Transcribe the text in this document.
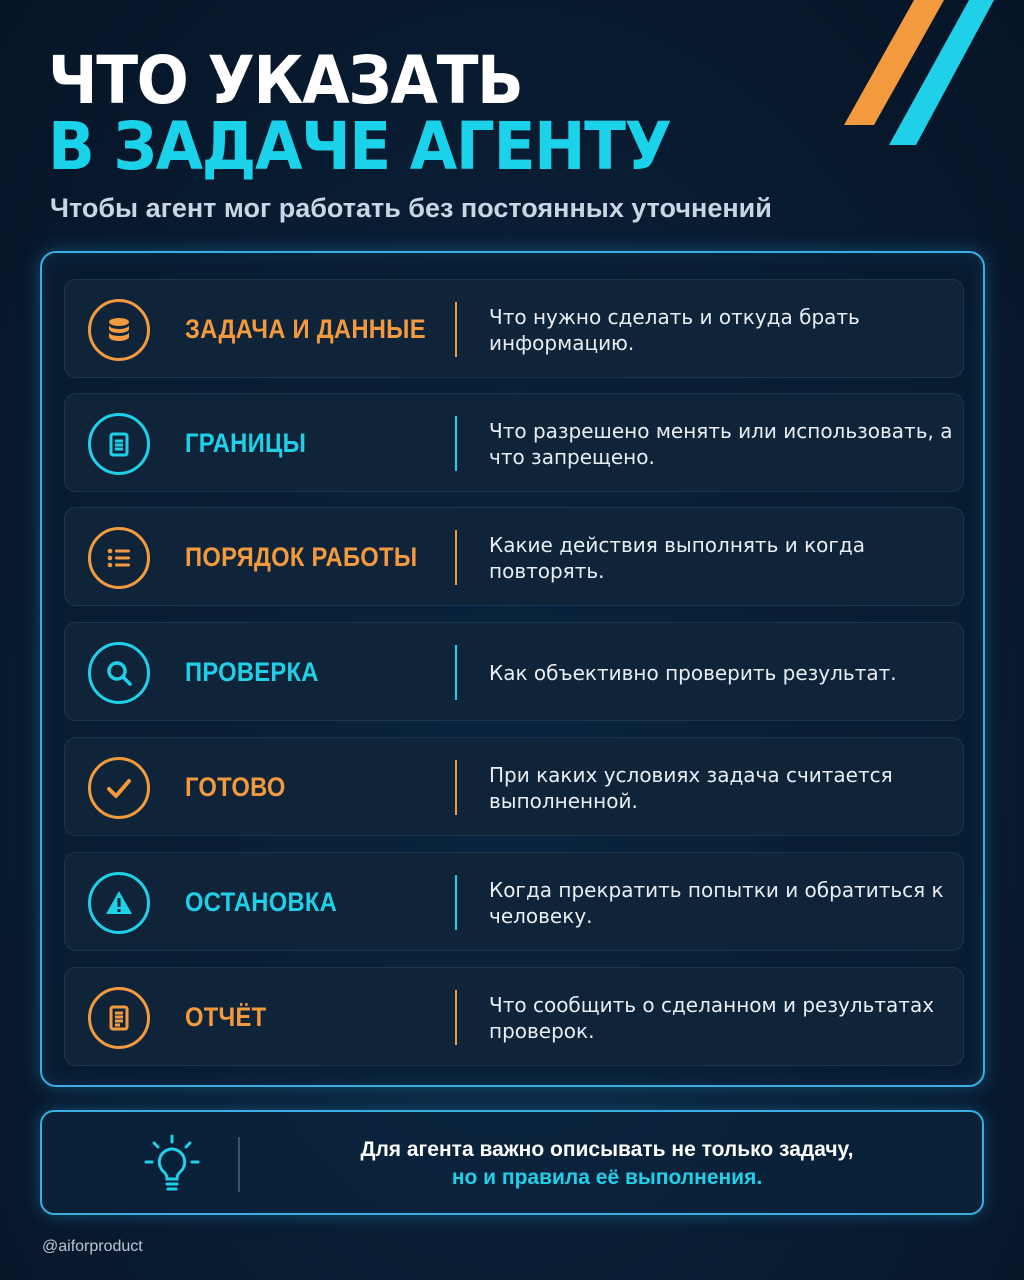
ЧТО УКАЗАТЬ
В ЗАДАЧЕ АГЕНТУ
Чтобы агент мог работать без постоянных уточнений
ЗАДАЧА И ДАННЫЕ	Что нужно сделать и откуда брать информацию.
ГРАНИЦЫ	Что разрешено менять или использовать, а что запрещено.
ПОРЯДОК РАБОТЫ	Какие действия выполнять и когда повторять.
ПРОВЕРКА	Как объективно проверить результат.
ГОТОВО	При каких условиях задача считается выполненной.
ОСТАНОВКА	Когда прекратить попытки и обратиться к человеку.
ОТЧЁТ	Что сообщить о сделанном и результатах проверок.
Для агента важно описывать не только задачу,
но и правила её выполнения.
@aiforproduct
